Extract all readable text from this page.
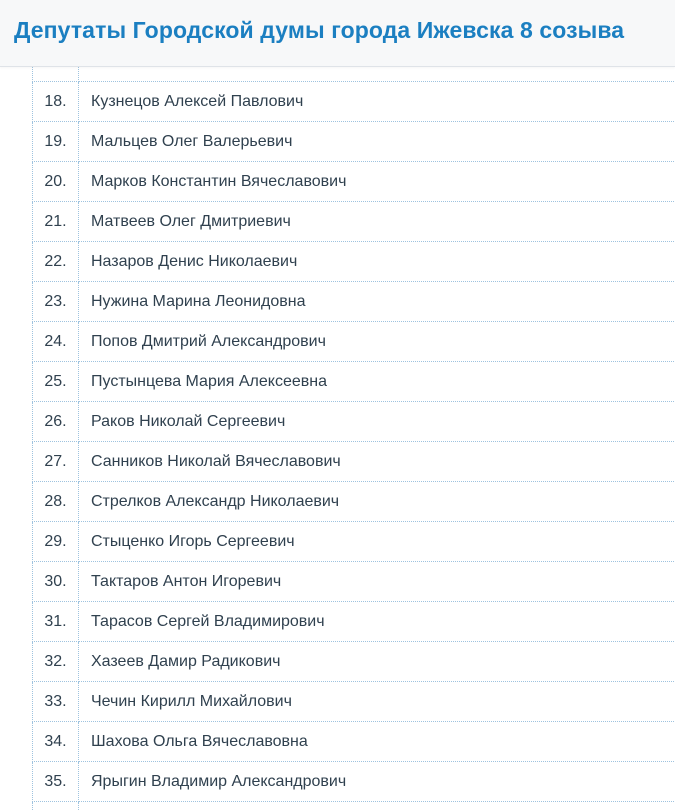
18.	Кузнецов Алексей Павлович
19.	Мальцев Олег Валерьевич
20.	Марков Константин Вячеславович
21.	Матвеев Олег Дмитриевич
22.	Назаров Денис Николаевич
23.	Нужина Марина Леонидовна
24.	Попов Дмитрий Александрович
25.	Пустынцева Мария Алексеевна
26.	Раков Николай Сергеевич
27.	Санников Николай Вячеславович
28.	Стрелков Александр Николаевич
29.	Стыценко Игорь Сергеевич
30.	Тактаров Антон Игоревич
31.	Тарасов Сергей Владимирович
32.	Хазеев Дамир Радикович
33.	Чечин Кирилл Михайлович
34.	Шахова Ольга Вячеславовна
35.	Ярыгин Владимир Александрович

Депутаты Городской думы города Ижевска 8 созыва
